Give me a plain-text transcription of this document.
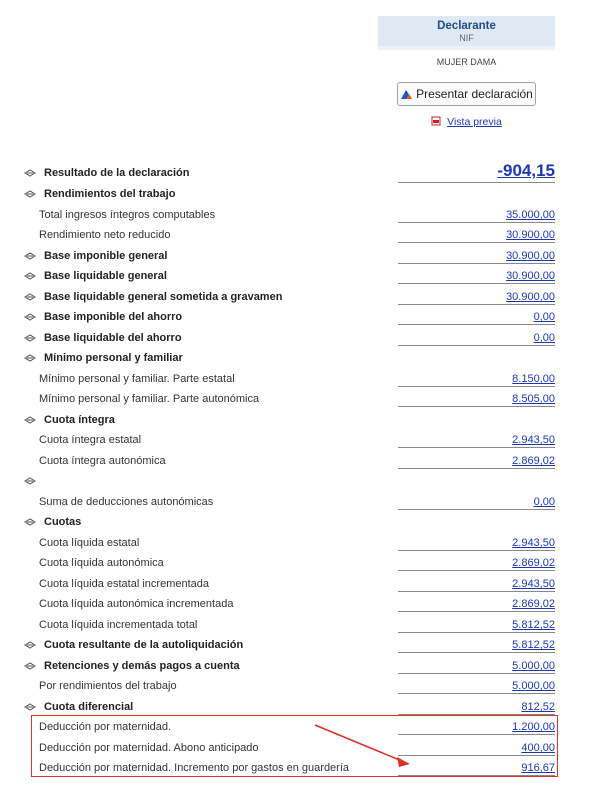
Declarante
NIF
MUJER DAMA
Presentar declaración
Vista previa
Resultado de la declaración	-904,15
Rendimientos del trabajo
Total ingresos íntegros computables	35.000,00
Rendimiento neto reducido	30.900,00
Base imponible general	30.900,00
Base liquidable general	30.900,00
Base liquidable general sometida a gravamen	30.900,00
Base imponible del ahorro	0,00
Base liquidable del ahorro	0,00
Mínimo personal y familiar
Mínimo personal y familiar. Parte estatal	8.150,00
Mínimo personal y familiar. Parte autonómica	8.505,00
Cuota íntegra
Cuota íntegra estatal	2.943,50
Cuota íntegra autonómica	2.869,02
Suma de deducciones autonómicas	0,00
Cuotas
Cuota líquida estatal	2.943,50
Cuota líquida autonómica	2.869,02
Cuota líquida estatal incrementada	2.943,50
Cuota líquida autonómica incrementada	2.869,02
Cuota líquida incrementada total	5.812,52
Cuota resultante de la autoliquidación	5.812,52
Retenciones y demás pagos a cuenta	5.000,00
Por rendimientos del trabajo	5.000,00
Cuota diferencial	812,52
Deducción por maternidad.	1.200,00
Deducción por maternidad. Abono anticipado	400,00
Deducción por maternidad. Incremento por gastos en guardería	916,67
